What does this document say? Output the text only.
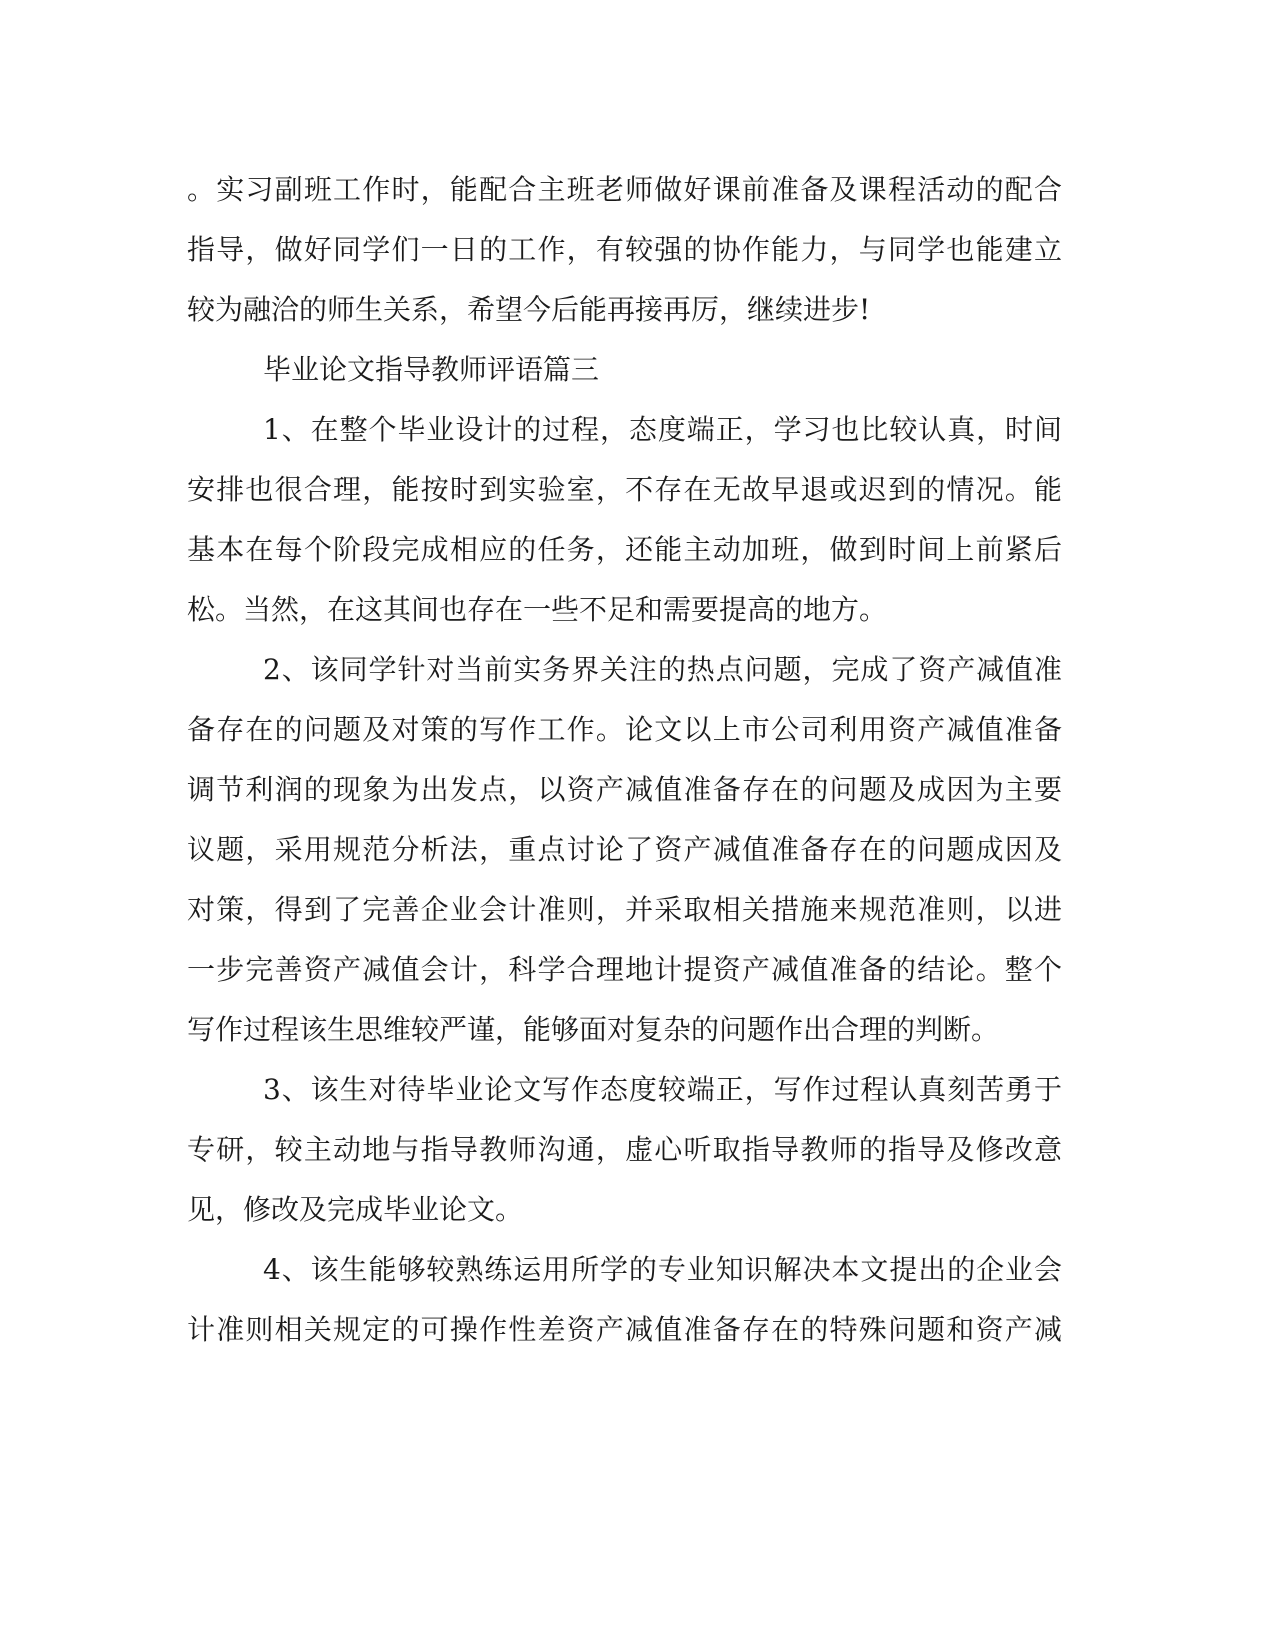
。实习副班工作时，能配合主班老师做好课前准备及课程活动的配合
指导，做好同学们一日的工作，有较强的协作能力，与同学也能建立
较为融洽的师生关系，希望今后能再接再厉，继续进步!
毕业论文指导教师评语篇三
1、在整个毕业设计的过程，态度端正，学习也比较认真，时间
安排也很合理，能按时到实验室，不存在无故早退或迟到的情况。能
基本在每个阶段完成相应的任务，还能主动加班，做到时间上前紧后
松。当然，在这其间也存在一些不足和需要提高的地方。
2、该同学针对当前实务界关注的热点问题，完成了资产减值准
备存在的问题及对策的写作工作。论文以上市公司利用资产减值准备
调节利润的现象为出发点，以资产减值准备存在的问题及成因为主要
议题，采用规范分析法，重点讨论了资产减值准备存在的问题成因及
对策，得到了完善企业会计准则，并采取相关措施来规范准则，以进
一步完善资产减值会计，科学合理地计提资产减值准备的结论。整个
写作过程该生思维较严谨，能够面对复杂的问题作出合理的判断。
3、该生对待毕业论文写作态度较端正，写作过程认真刻苦勇于
专研，较主动地与指导教师沟通，虚心听取指导教师的指导及修改意
见，修改及完成毕业论文。
4、该生能够较熟练运用所学的专业知识解决本文提出的企业会
计准则相关规定的可操作性差资产减值准备存在的特殊问题和资产减
